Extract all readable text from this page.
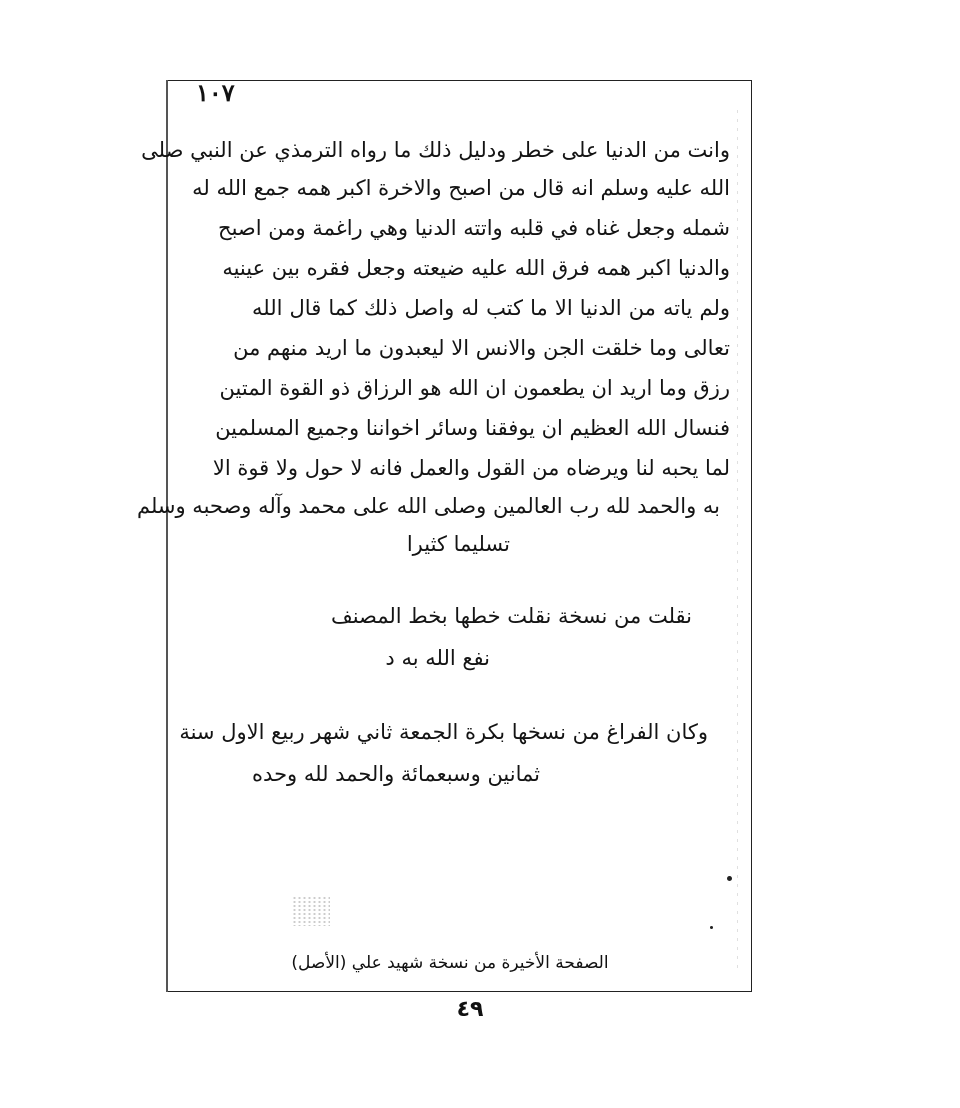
١٠٧
وانت من الدنيا على خطر ودليل ذلك ما رواه الترمذي عن النبي صلى
الله عليه وسلم انه قال من اصبح والاخرة اكبر همه جمع الله له
شمله وجعل غناه في قلبه واتته الدنيا وهي راغمة ومن اصبح
والدنيا اكبر همه فرق الله عليه ضيعته وجعل فقره بين عينيه
ولم ياته من الدنيا الا ما كتب له واصل ذلك كما قال الله
تعالى وما خلقت الجن والانس الا ليعبدون ما اريد منهم من
رزق وما اريد ان يطعمون ان الله هو الرزاق ذو القوة المتين
فنسال الله العظيم ان يوفقنا وسائر اخواننا وجميع المسلمين
لما يحبه لنا ويرضاه من القول والعمل فانه لا حول ولا قوة الا
به والحمد لله رب العالمين وصلى الله على محمد وآله وصحبه وسلم
تسليما كثيرا
نقلت من نسخة نقلت خطها بخط المصنف
نفع الله به د
وكان الفراغ من نسخها بكرة الجمعة ثاني شهر ربيع الاول سنة
ثمانين وسبعمائة والحمد لله وحده
الصفحة الأخيرة من نسخة شهيد علي (الأصل)
٤٩
